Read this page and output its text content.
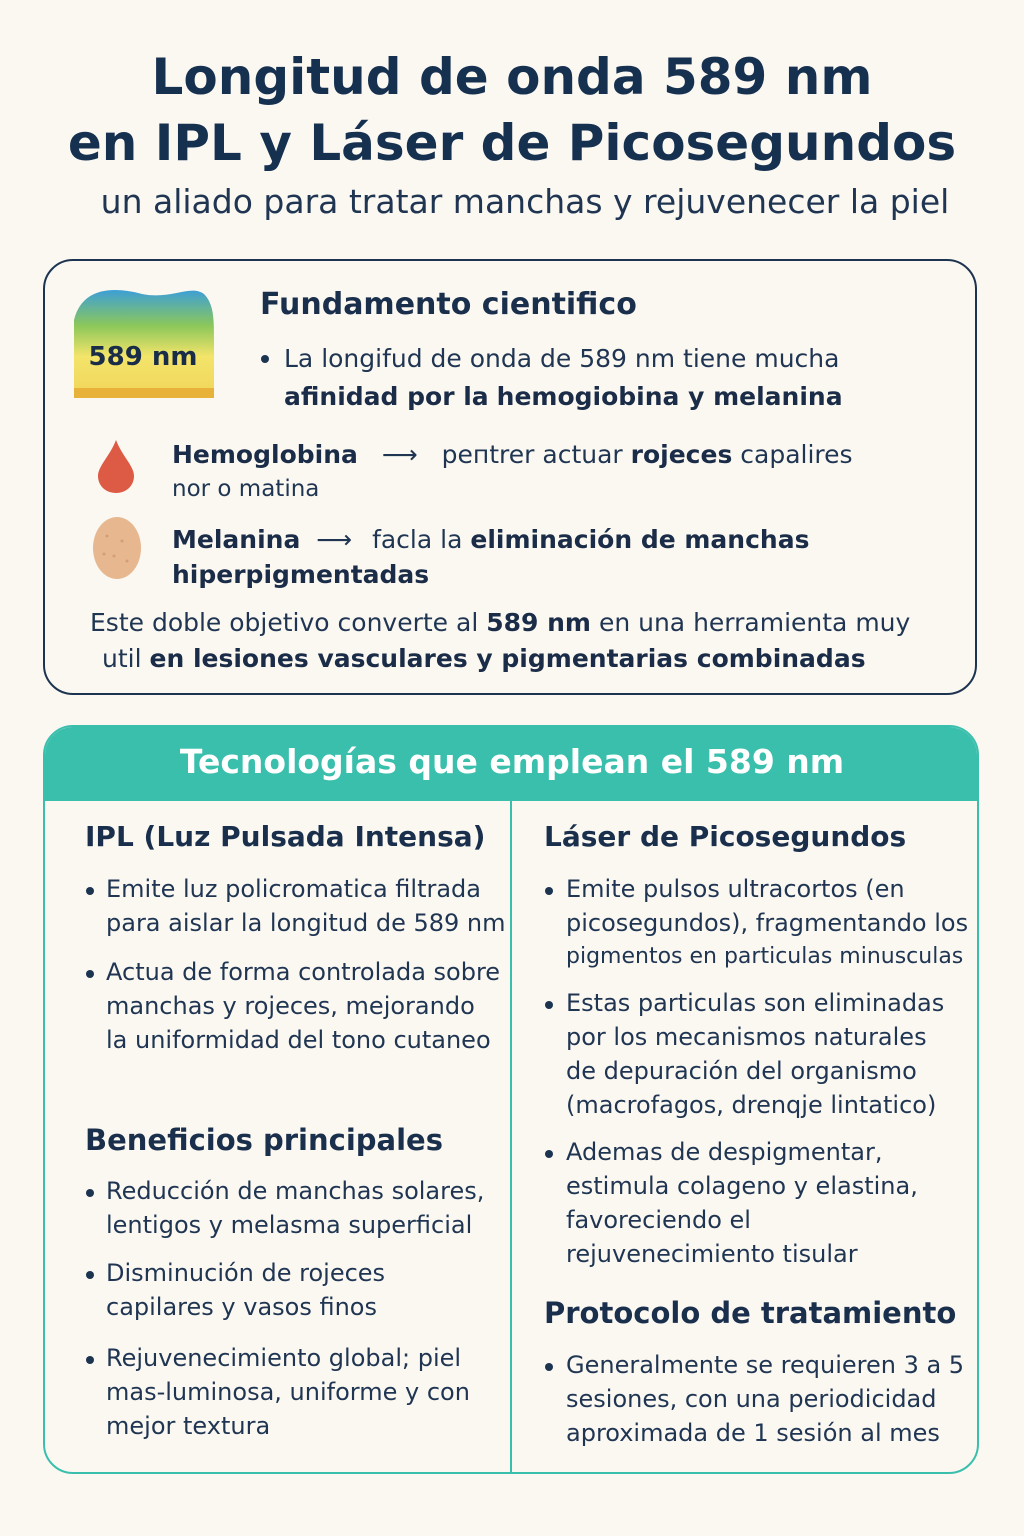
Longitud de onda 589 nm
en IPL y Láser de Picosegundos
un aliado para tratar manchas y rejuvenecer la piel
589 nm
Fundamento cientifico
La longifud de onda de 589 nm tiene mucha
afinidad por la hemogiobina y melanina
Hemoglobina ⟶ peпtrer actuar rojeces capalires
nor o matina
Melanina ⟶ facla la eliminación de manchas
hiperpigmentadas
Este doble objetivo converte al 589 nm en una herramienta muy
util en lesiones vasculares y pigmentarias combinadas
Tecnologías que emplean el 589 nm
IPL (Luz Pulsada Intensa)
Emite luz policromatica filtrada
para aislar la longitud de 589 nm
Actua de forma controlada sobre
manchas y rojeces, mejorando
la uniformidad del tono cutaneo
Beneficios principales
Reducción de manchas solares,
lentigos y melasma superficial
Disminución de rojeces
capilares y vasos finos
Rejuvenecimiento global; piel
mas-luminosa, uniforme y con
mejor textura
Láser de Picosegundos
Emite pulsos ultracortos (en
picosegundos), fragmentando los
pigmentos en particulas minusculas
Estas particulas son eliminadas
por los mecanismos naturales
de depuración del organismo
(macrofagos, drenqje lintatico)
Ademas de despigmentar,
estimula colageno y elastina,
favoreciendo el
rejuvenecimiento tisular
Protocolo de tratamiento
Generalmente se requieren 3 a 5
sesiones, con una periodicidad
aproximada de 1 sesión al mes
